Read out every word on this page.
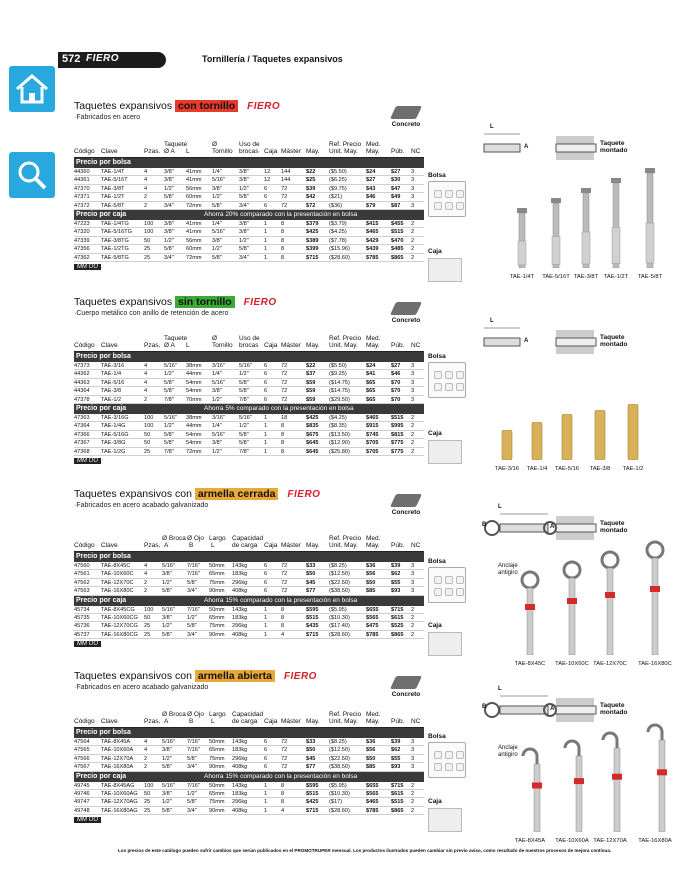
572 FIERO	Tornillería / Taquetes expansivos
Taquetes expansivos con tornillo FIERO
·Fabricados en acero
Concreto
Código Clave	Pzas.
Taquete
Ø A L
Ø
Tornillo
Uso de
brocas Caja Máster May.
Ref. Precio
Unit. May.
Med.
May. Púb. NC
Precio por bolsa
44360 TAE-1/4T	4	3/8" 41mm 1/4"	3/8"	12 144	$22 ($5.50)	$24	$27 3
44361 TAE-5/16T	4	3/8" 41mm 5/16"	3/8"	12 144	$25 ($6.25)	$27	$30 3
47370 TAE-3/8T	4	1/2" 56mm 3/8"	1/2"	6 72	$39 ($9.75)	$43	$47 3
47371 TAE-1/2T	2	5/8" 60mm 1/2"	5/8"	6 72	$42 ($21)	$46	$49 3
47372 TAE-5/8T	2	3/4" 72mm 5/8"	3/4"	6 72	$72 ($36)	$79	$87 3
Precio por caja	Ahorra 20% comparado con la presentación en bolsa
47223 TAE-1/4TG	100 3/8" 41mm 1/4"	3/8"	1 8	$379 ($3.79)	$415 $455 2
47320 TAE-5/16TG 100 3/8" 41mm 5/16"	3/8"	1 8	$425 ($4.25)	$465 $515 2
47339 TAE-3/8TG	50 1/2" 56mm 3/8"	1/2"	1 8	$389 ($7.78)	$429 $470 2
47356 TAE-1/2TG	25 5/8" 60mm 1/2"	5/8"	1 8	$399 ($15.96)	$439 $485 2
47362 TAE-5/8TG	25 3/4" 72mm 5/8"	3/4"	1 8	$715 ($28.60)	$785 $865 2
MM OO
Taquetes expansivos sin tornillo FIERO
·Cuerpo metálico con anillo de retención de acero
Concreto
Código Clave	Pzas.
Taquete
Ø A L
Ø
Tornillo
Uso de
brocas Caja Máster May.
Ref. Precio
Unit. May.
Med.
May. Púb. NC
Precio por bolsa
47373 TAE-3/16	4	5/16" 38mm 3/16"	5/16" 6 72	$22 ($5.50)	$24	$27 3
44362 TAE-1/4	4	1/2" 44mm 1/4"	1/2"	6 72	$37 ($9.25)	$41	$46 3
44363 TAE-5/16	4	5/8" 54mm 5/16"	5/8"	6 72	$59 ($14.75)	$65	$70 3
44364 TAE-3/8	4	5/8" 54mm 3/8"	5/8"	6 72	$59 ($14.75)	$65	$70 3
47378 TAE-1/2	2	7/8" 70mm 1/2"	7/8"	6 72	$59 ($29.50)	$65	$70 3
Precio por caja	Ahorra 5% comparado con la presentación en bolsa
47363 TAE-3/16G	100 5/16" 38mm 3/16"	5/16" 1 18	$425 ($4.25)	$465 $515 2
47364 TAE-1/4G	100 1/2" 44mm 1/4"	1/2"	1 8	$835 ($8.35)	$915 $995 2
47366 TAE-5/16G	50 5/8" 54mm 5/16"	5/8"	1 8	$675 ($13.50)	$745 $815 2
47367 TAE-3/8G	50 5/8" 54mm 3/8"	5/8"	1 8	$645 ($12.90)	$705 $775 2
47368 TAE-1/2G	25 7/8" 72mm 1/2"	7/8"	1 8	$645 ($25.80)	$705 $775 2
MM OO
Taquetes expansivos con armella cerrada FIERO
·Fabricados en acero acabado galvanizado
Concreto
Código Clave	Pzas.
Ø Broca
A
Ø Ojo
B
Largo
L
Capacidad
de carga Caja Máster May.
Ref. Precio
Unit. May.
Med.
May. Púb. NC
Precio por bolsa
47560 TAE-8X45C 4	5/16" 7/16" 50mm 143kg	6 72	$33 ($8.25)	$36	$39 3
47561 TAE-10X60C 4	3/8"	7/16" 65mm 183kg	6 72	$50 ($12.50)	$56	$62 3
47562 TAE-12X70C 2	1/2"	5/8" 75mm 296kg	6 72	$45 ($22.50)	$50	$55 3
47563 TAE-16X80C 2	5/8"	3/4" 90mm 408kg	6 72	$77 ($38.50)	$85	$93 3
Precio por caja	Ahorra 15% comparado con la presentación en bolsa
45734 TAE-8X45CG 100 5/16" 7/16" 50mm 143kg	1 8	$595 ($5.95)	$655 $715 2
45735 TAE-10X60CG 50 3/8"	1/2" 65mm 183kg	1 8	$515 ($10.30)	$565 $615 2
45736 TAE-12X70CG 25 1/2"	5/8" 75mm 296kg	1 8	$435 ($17.40)	$475 $525 2
45737 TAE-16X80CG 25 5/8"	3/4" 90mm 408kg	1 4	$715 ($28.60)	$785 $865 2
MM OO
Taquetes expansivos con armella abierta FIERO
·Fabricados en acero acabado galvanizado
Concreto
Código Clave	Pzas.
Ø Broca
A
Ø Ojo
B
Largo
L
Capacidad
de carga Caja Máster May.
Ref. Precio
Unit. May.
Med.
May. Púb. NC
Precio por bolsa
47564 TAE-8X45A 4	5/16" 7/16" 50mm 143kg	6 72	$33 ($8.25)	$36	$39 3
47565 TAE-10X60A 4	3/8"	7/16" 65mm 183kg	6 72	$50 ($12.50)	$56	$62 3
47566 TAE-12X70A 2	1/2"	5/8" 75mm 296kg	6 72	$45 ($22.50)	$50	$55 3
47567 TAE-16X80A 2	5/8"	3/4" 90mm 408kg	6 72	$77 ($38.50)	$85	$93 3
Precio por caja	Ahorra 15% comparado con la presentación en bolsa
49745 TAE-8X45AG 100 5/16" 7/16" 50mm 143kg	1 8	$595 ($5.95)	$655 $715 2
49746 TAE-10X60AG 50 3/8"	1/2" 65mm 183kg	1 8	$515 ($10.30)	$565 $615 2
49747 TAE-12X70AG 25 1/2"	5/8" 75mm 296kg	1 8	$425 ($17)	$465 $515 2
49748 TAE-16X80AG 25 5/8"	3/4" 90mm 408kg	1 4	$715 ($28.60)	$785 $865 2
MM OO
Los precios de este catálogo pueden sufrir cambios que serían publicados en el PROMOTRUPER mensual. Los productos ilustrados pueden cambiar sin previo aviso, como resultado de nuestros procesos de mejora continua.
Bolsa
Bolsa
Bolsa
Bolsa
Caja
Caja
Caja
Caja
L
A	Taquete montado
L
A	Taquete montado
L
A
B	Taquete montado
Anclaje antigiro
L
A
B	Taquete montado
Anclaje antigiro
TAE-1/4T	TAE-5/16T TAE-3/8T TAE-1/2T	TAE-5/8T
TAE-3/16	TAE-1/4	TAE-5/16	TAE-3/8	TAE-1/2
TAE-8X45C	TAE-10X60C TAE-12X70C	TAE-16X80C
TAE-8X45A	TAE-10X60A TAE-12X70A	TAE-16X80A
